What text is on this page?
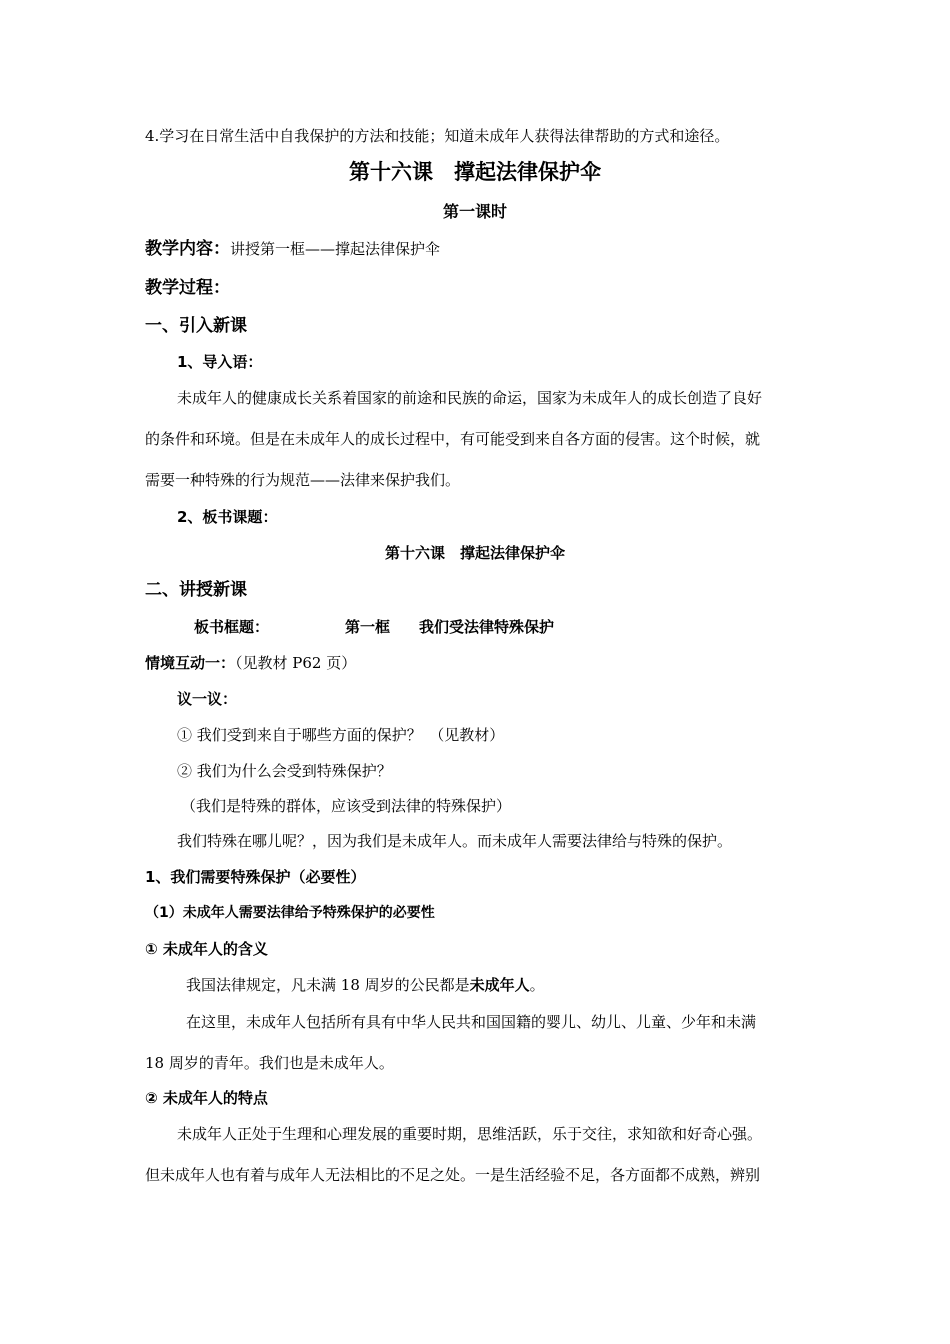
4.学习在日常生活中自我保护的方法和技能；知道未成年人获得法律帮助的方式和途径。
第十六课　撑起法律保护伞
第一课时
教学内容：讲授第一框——撑起法律保护伞
教学过程：
一、引入新课
1、导入语：
未成年人的健康成长关系着国家的前途和民族的命运，国家为未成年人的成长创造了良好
的条件和环境。但是在未成年人的成长过程中，有可能受到来自各方面的侵害。这个时候，就
需要一种特殊的行为规范——法律来保护我们。
2、板书课题：
第十六课　撑起法律保护伞
二、讲授新课
板书框题：	第一框 我们受法律特殊保护
情境互动一：（见教材 P62 页）
议一议：
① 我们受到来自于哪些方面的保护？　（见教材）
② 我们为什么会受到特殊保护？
（我们是特殊的群体，应该受到法律的特殊保护）
我们特殊在哪儿呢？，因为我们是未成年人。而未成年人需要法律给与特殊的保护。
1、我们需要特殊保护（必要性）
（1）未成年人需要法律给予特殊保护的必要性
① 未成年人的含义
我国法律规定，凡未满 18 周岁的公民都是未成年人。
在这里，未成年人包括所有具有中华人民共和国国籍的婴儿、幼儿、儿童、少年和未满
18 周岁的青年。我们也是未成年人。
② 未成年人的特点
未成年人正处于生理和心理发展的重要时期，思维活跃，乐于交往，求知欲和好奇心强。
但未成年人也有着与成年人无法相比的不足之处。一是生活经验不足，各方面都不成熟，辨别
